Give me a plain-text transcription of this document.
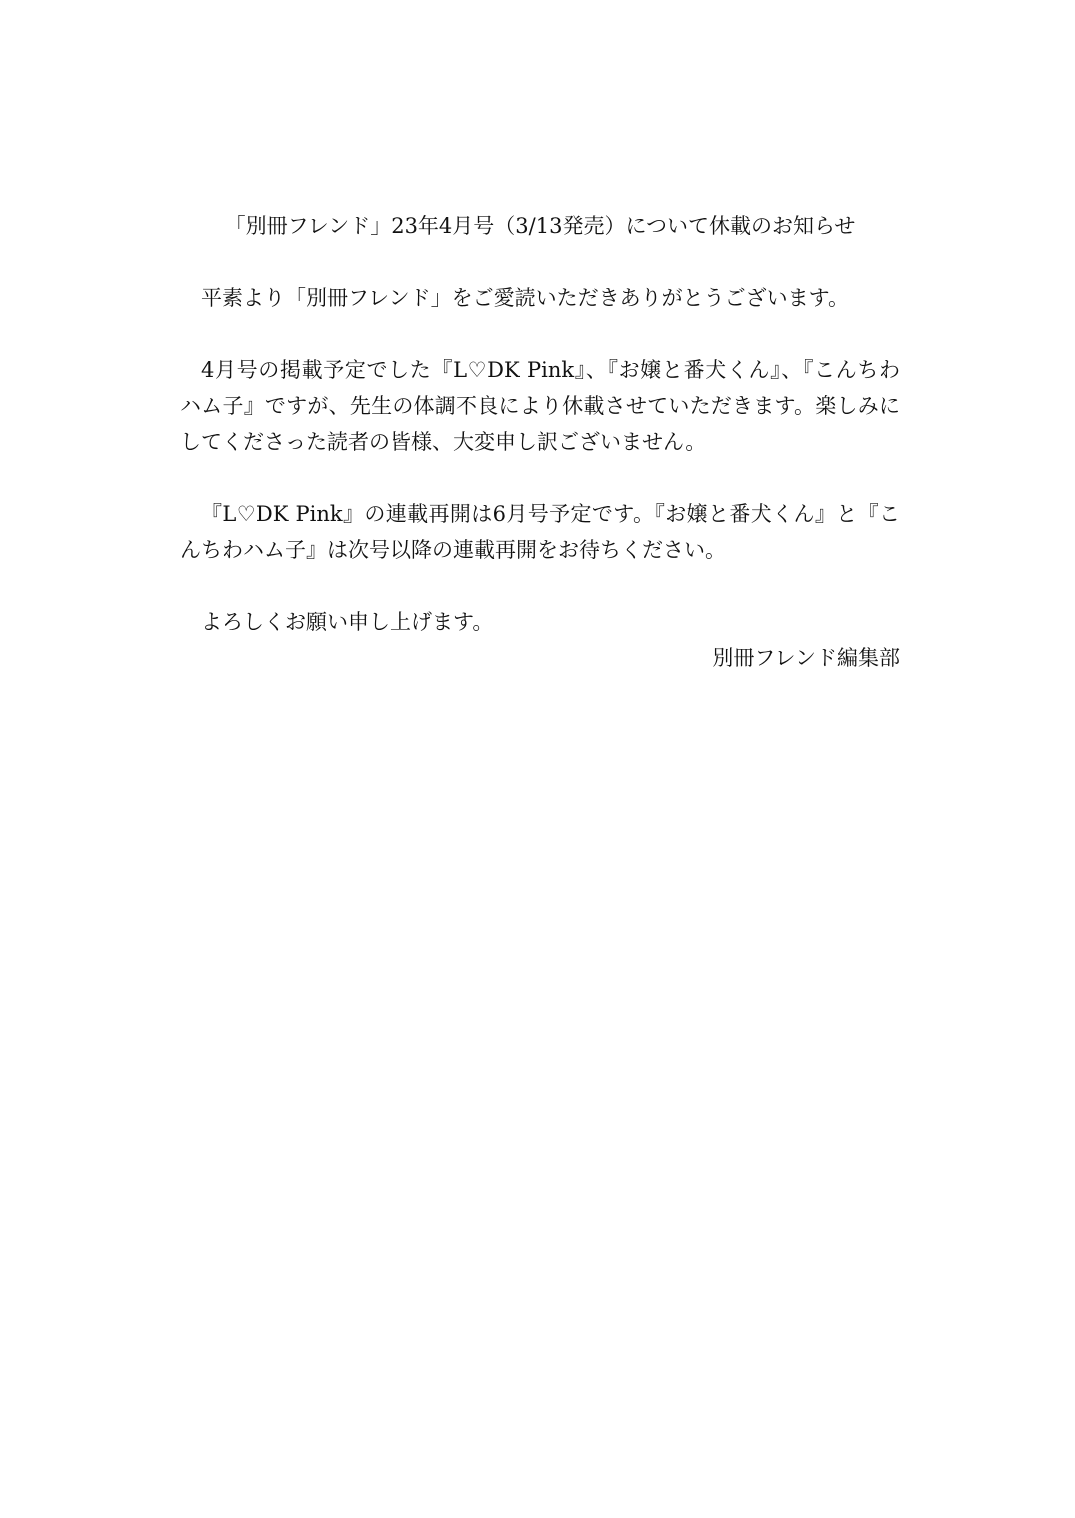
「別冊フレンド」23年4月号（3/13発売）について休載のお知らせ

平素より「別冊フレンド」をご愛読いただきありがとうございます。

4月号の掲載予定でした『L♡DK Pink』、『お嬢と番犬くん』、『こんちわハム子』ですが、先生の体調不良により休載させていただきます。楽しみにしてくださった読者の皆様、大変申し訳ございません。

『L♡DK Pink』の連載再開は6月号予定です。『お嬢と番犬くん』と『こんちわハム子』は次号以降の連載再開をお待ちください。

よろしくお願い申し上げます。

別冊フレンド編集部
